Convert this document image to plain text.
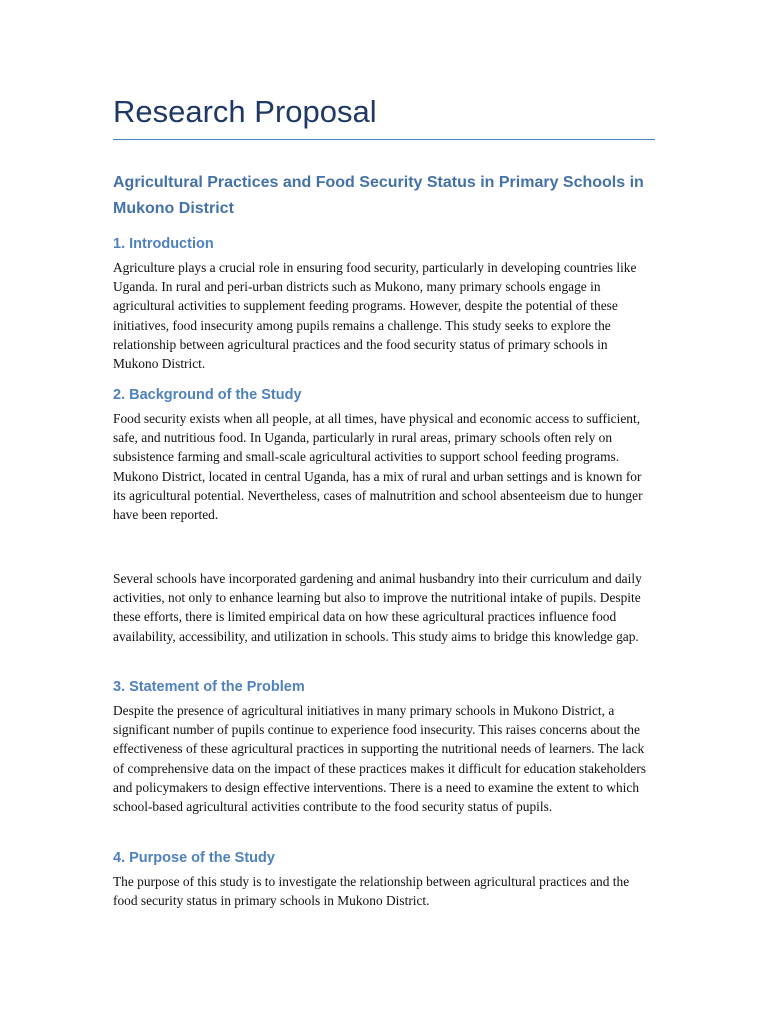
Research Proposal
Agricultural Practices and Food Security Status in Primary Schools in Mukono District
1. Introduction

Agriculture plays a crucial role in ensuring food security, particularly in developing countries like Uganda. In rural and peri-urban districts such as Mukono, many primary schools engage in agricultural activities to supplement feeding programs. However, despite the potential of these initiatives, food insecurity among pupils remains a challenge. This study seeks to explore the relationship between agricultural practices and the food security status of primary schools in Mukono District.

2. Background of the Study

Food security exists when all people, at all times, have physical and economic access to sufficient, safe, and nutritious food. In Uganda, particularly in rural areas, primary schools often rely on subsistence farming and small-scale agricultural activities to support school feeding programs. Mukono District, located in central Uganda, has a mix of rural and urban settings and is known for its agricultural potential. Nevertheless, cases of malnutrition and school absenteeism due to hunger have been reported.

Several schools have incorporated gardening and animal husbandry into their curriculum and daily activities, not only to enhance learning but also to improve the nutritional intake of pupils. Despite these efforts, there is limited empirical data on how these agricultural practices influence food availability, accessibility, and utilization in schools. This study aims to bridge this knowledge gap.

3. Statement of the Problem

Despite the presence of agricultural initiatives in many primary schools in Mukono District, a significant number of pupils continue to experience food insecurity. This raises concerns about the effectiveness of these agricultural practices in supporting the nutritional needs of learners. The lack of comprehensive data on the impact of these practices makes it difficult for education stakeholders and policymakers to design effective interventions. There is a need to examine the extent to which school-based agricultural activities contribute to the food security status of pupils.

4. Purpose of the Study

The purpose of this study is to investigate the relationship between agricultural practices and the food security status in primary schools in Mukono District.
